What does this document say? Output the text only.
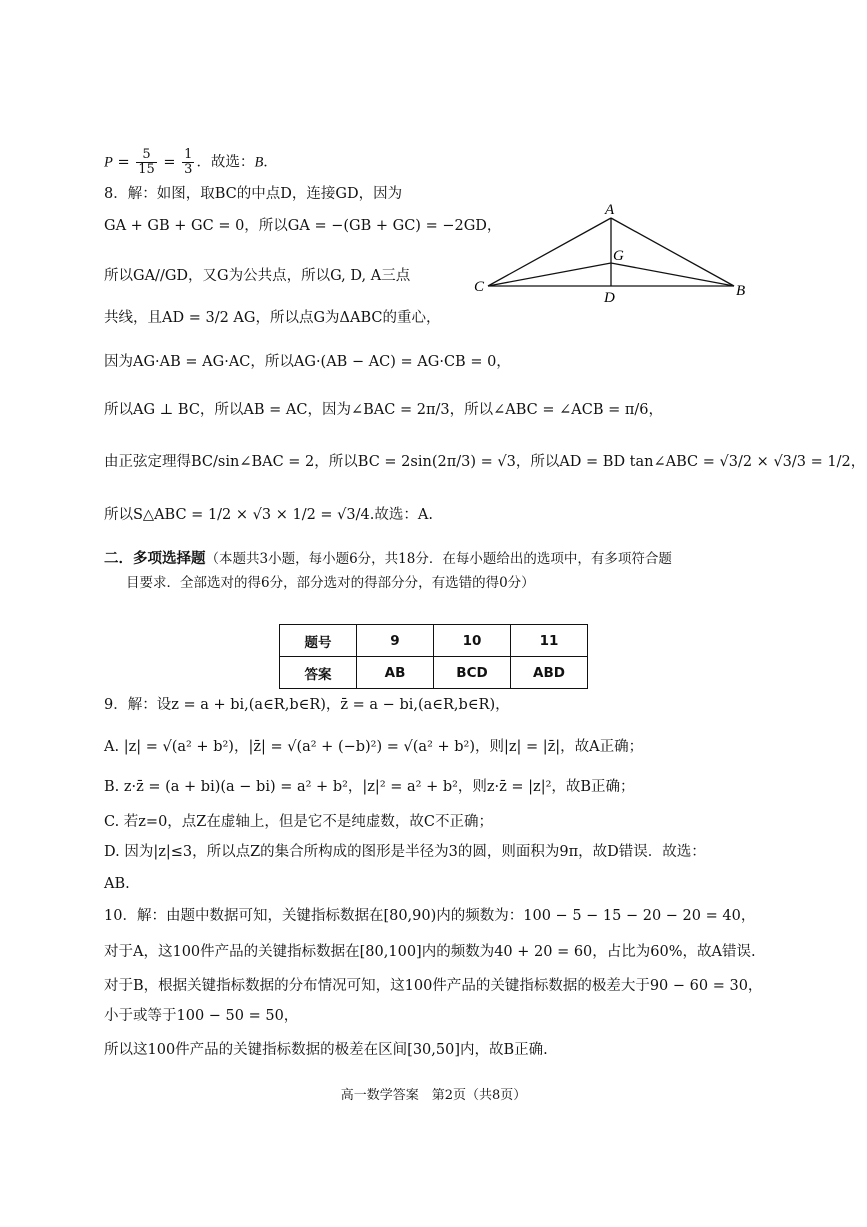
$P = \frac{5}{15} = \frac{1}{3}$ ．故选：B．
8．解：如图，取BC的中点D，连接GD，因为
GA + GB + GC = 0，所以GA = −(GB + GC) = −2GD，
所以GA//GD，又G为公共点，所以G, D, A三点
共线，且AD = 3/2 AG，所以点G为ΔABC的重心，
因为AG·AB = AG·AC，所以AG·(AB − AC) = AG·CB = 0，
所以AG ⊥ BC，所以AB = AC，因为∠BAC = 2π/3，所以∠ABC = ∠ACB = π/6，
由正弦定理得BC/sin∠BAC = 2，所以BC = 2sin(2π/3) = √3，所以AD = BD tan∠ABC = √3/2 × √3/3 = 1/2，
所以S△ABC = 1/2 × √3 × 1/2 = √3/4.故选：A.
A
G
C
D	B
二．多项选择题（本题共3小题，每小题6分，共18分．在每小题给出的选项中，有多项符合题
目要求．全部选对的得6分，部分选对的得部分分，有选错的得0分）
题号	9	10	11
答案	AB	BCD	ABD
9．解：设z = a + bi,(a∈R,b∈R)，z̄ = a − bi,(a∈R,b∈R)，
A. |z| = √(a² + b²)，|z̄| = √(a² + (−b)²) = √(a² + b²)，则|z| = |z̄|，故A正确；
B. z·z̄ = (a + bi)(a − bi) = a² + b²，|z|² = a² + b²，则z·z̄ = |z|²，故B正确；
C. 若z=0，点Z在虚轴上，但是它不是纯虚数，故C不正确；
D. 因为|z|≤3，所以点Z的集合所构成的图形是半径为3的圆，则面积为9π，故D错误．故选：
AB.
10．解：由题中数据可知，关键指标数据在[80,90)内的频数为：100 − 5 − 15 − 20 − 20 = 40，
对于A，这100件产品的关键指标数据在[80,100]内的频数为40 + 20 = 60，占比为60%，故A错误.
对于B，根据关键指标数据的分布情况可知，这100件产品的关键指标数据的极差大于90 − 60 = 30，
小于或等于100 − 50 = 50，
所以这100件产品的关键指标数据的极差在区间[30,50]内，故B正确.
高一数学答案　第2页（共8页）
